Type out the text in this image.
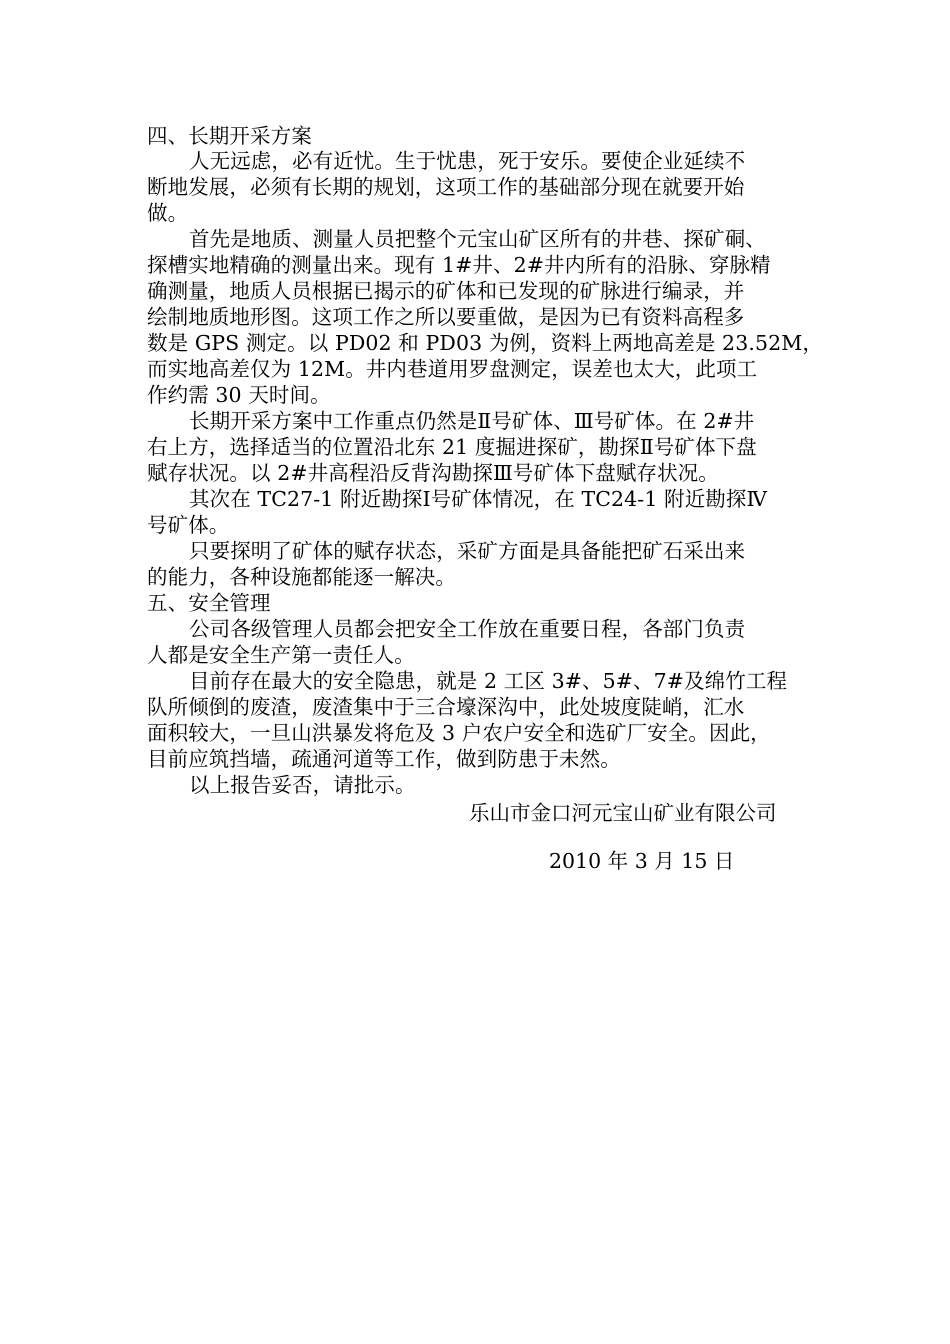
四、长期开采方案
人无远虑，必有近忧。生于忧患，死于安乐。要使企业延续不
断地发展，必须有长期的规划，这项工作的基础部分现在就要开始
做。
首先是地质、测量人员把整个元宝山矿区所有的井巷、探矿硐、
探槽实地精确的测量出来。现有 1#井、2#井内所有的沿脉、穿脉精
确测量，地质人员根据已揭示的矿体和已发现的矿脉进行编录，并
绘制地质地形图。这项工作之所以要重做，是因为已有资料高程多
数是 GPS 测定。以 PD02 和 PD03 为例，资料上两地高差是 23.52M，
而实地高差仅为 12M。井内巷道用罗盘测定，误差也太大，此项工
作约需 30 天时间。
长期开采方案中工作重点仍然是Ⅱ号矿体、Ⅲ号矿体。在 2#井
右上方，选择适当的位置沿北东 21 度掘进探矿，勘探Ⅱ号矿体下盘
赋存状况。以 2#井高程沿反背沟勘探Ⅲ号矿体下盘赋存状况。
其次在 TC27-1 附近勘探Ⅰ号矿体情况，在 TC24-1 附近勘探Ⅳ
号矿体。
只要探明了矿体的赋存状态，采矿方面是具备能把矿石采出来
的能力，各种设施都能逐一解决。
五、安全管理
公司各级管理人员都会把安全工作放在重要日程，各部门负责
人都是安全生产第一责任人。
目前存在最大的安全隐患，就是 2 工区 3#、5#、7#及绵竹工程
队所倾倒的废渣，废渣集中于三合壕深沟中，此处坡度陡峭，汇水
面积较大，一旦山洪暴发将危及 3 户农户安全和选矿厂安全。因此，
目前应筑挡墙，疏通河道等工作，做到防患于未然。
以上报告妥否，请批示。
乐山市金口河元宝山矿业有限公司
2010 年 3 月 15 日
